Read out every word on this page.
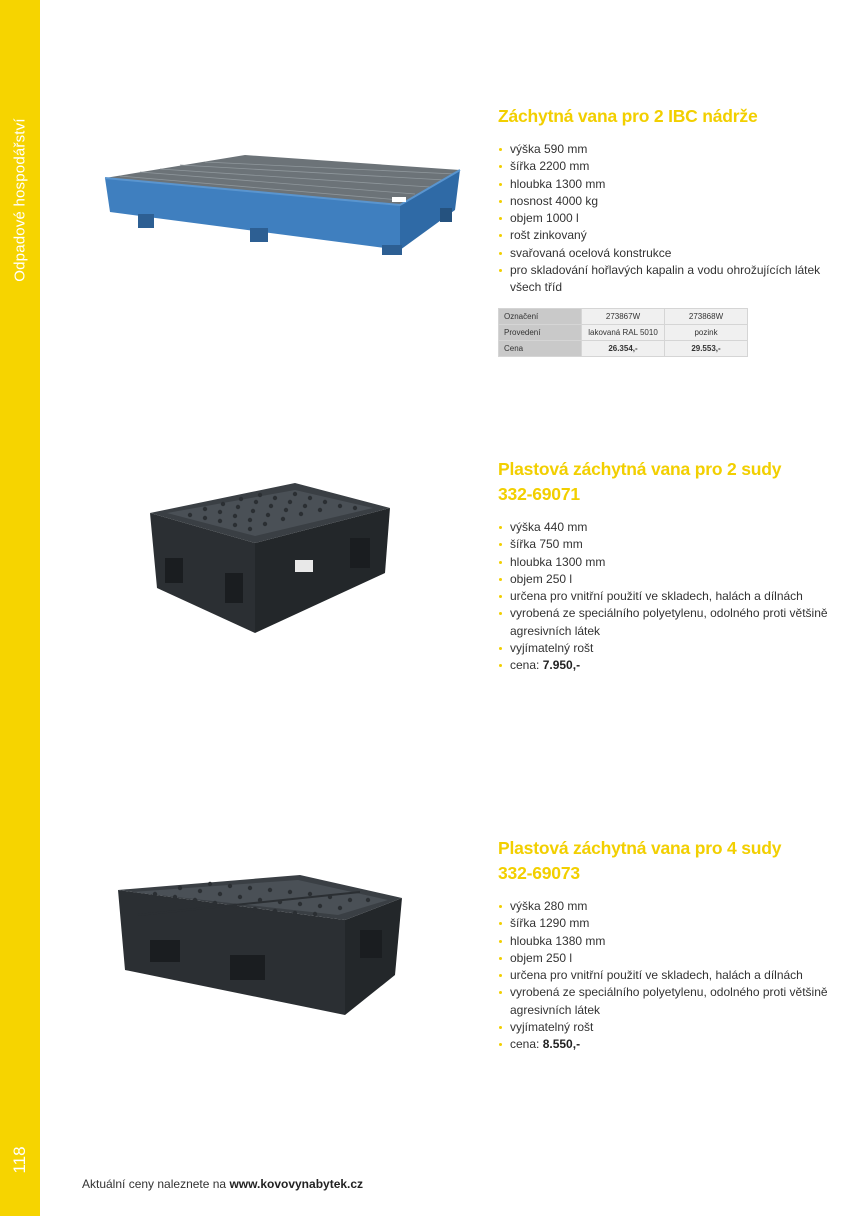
Odpadové hospodářství
118
Záchytná vana pro 2 IBC nádrže
výška 590 mm
šířka 2200 mm
hloubka 1300 mm
nosnost 4000 kg
objem 1000 l
rošt zinkovaný
svařovaná ocelová konstrukce
pro skladování hořlavých kapalin a vodu ohrožujících látek všech tříd
Označení	273867W	273868W
Provedení	lakovaná RAL 5010	pozink
Cena	26.354,-	29.553,-
Plastová záchytná vana pro 2 sudy
332-69071
výška 440 mm
šířka 750 mm
hloubka 1300 mm
objem 250 l
určena pro vnitřní použití ve skladech, halách a dílnách
vyrobená ze speciálního polyetylenu, odolného proti většině agresivních látek
vyjímatelný rošt
cena: 7.950,-
Plastová záchytná vana pro 4 sudy
332-69073
výška 280 mm
šířka 1290 mm
hloubka 1380 mm
objem 250 l
určena pro vnitřní použití ve skladech, halách a dílnách
vyrobená ze speciálního polyetylenu, odolného proti většině agresivních látek
vyjímatelný rošt
cena: 8.550,-
Aktuální ceny naleznete na www.kovovynabytek.cz
